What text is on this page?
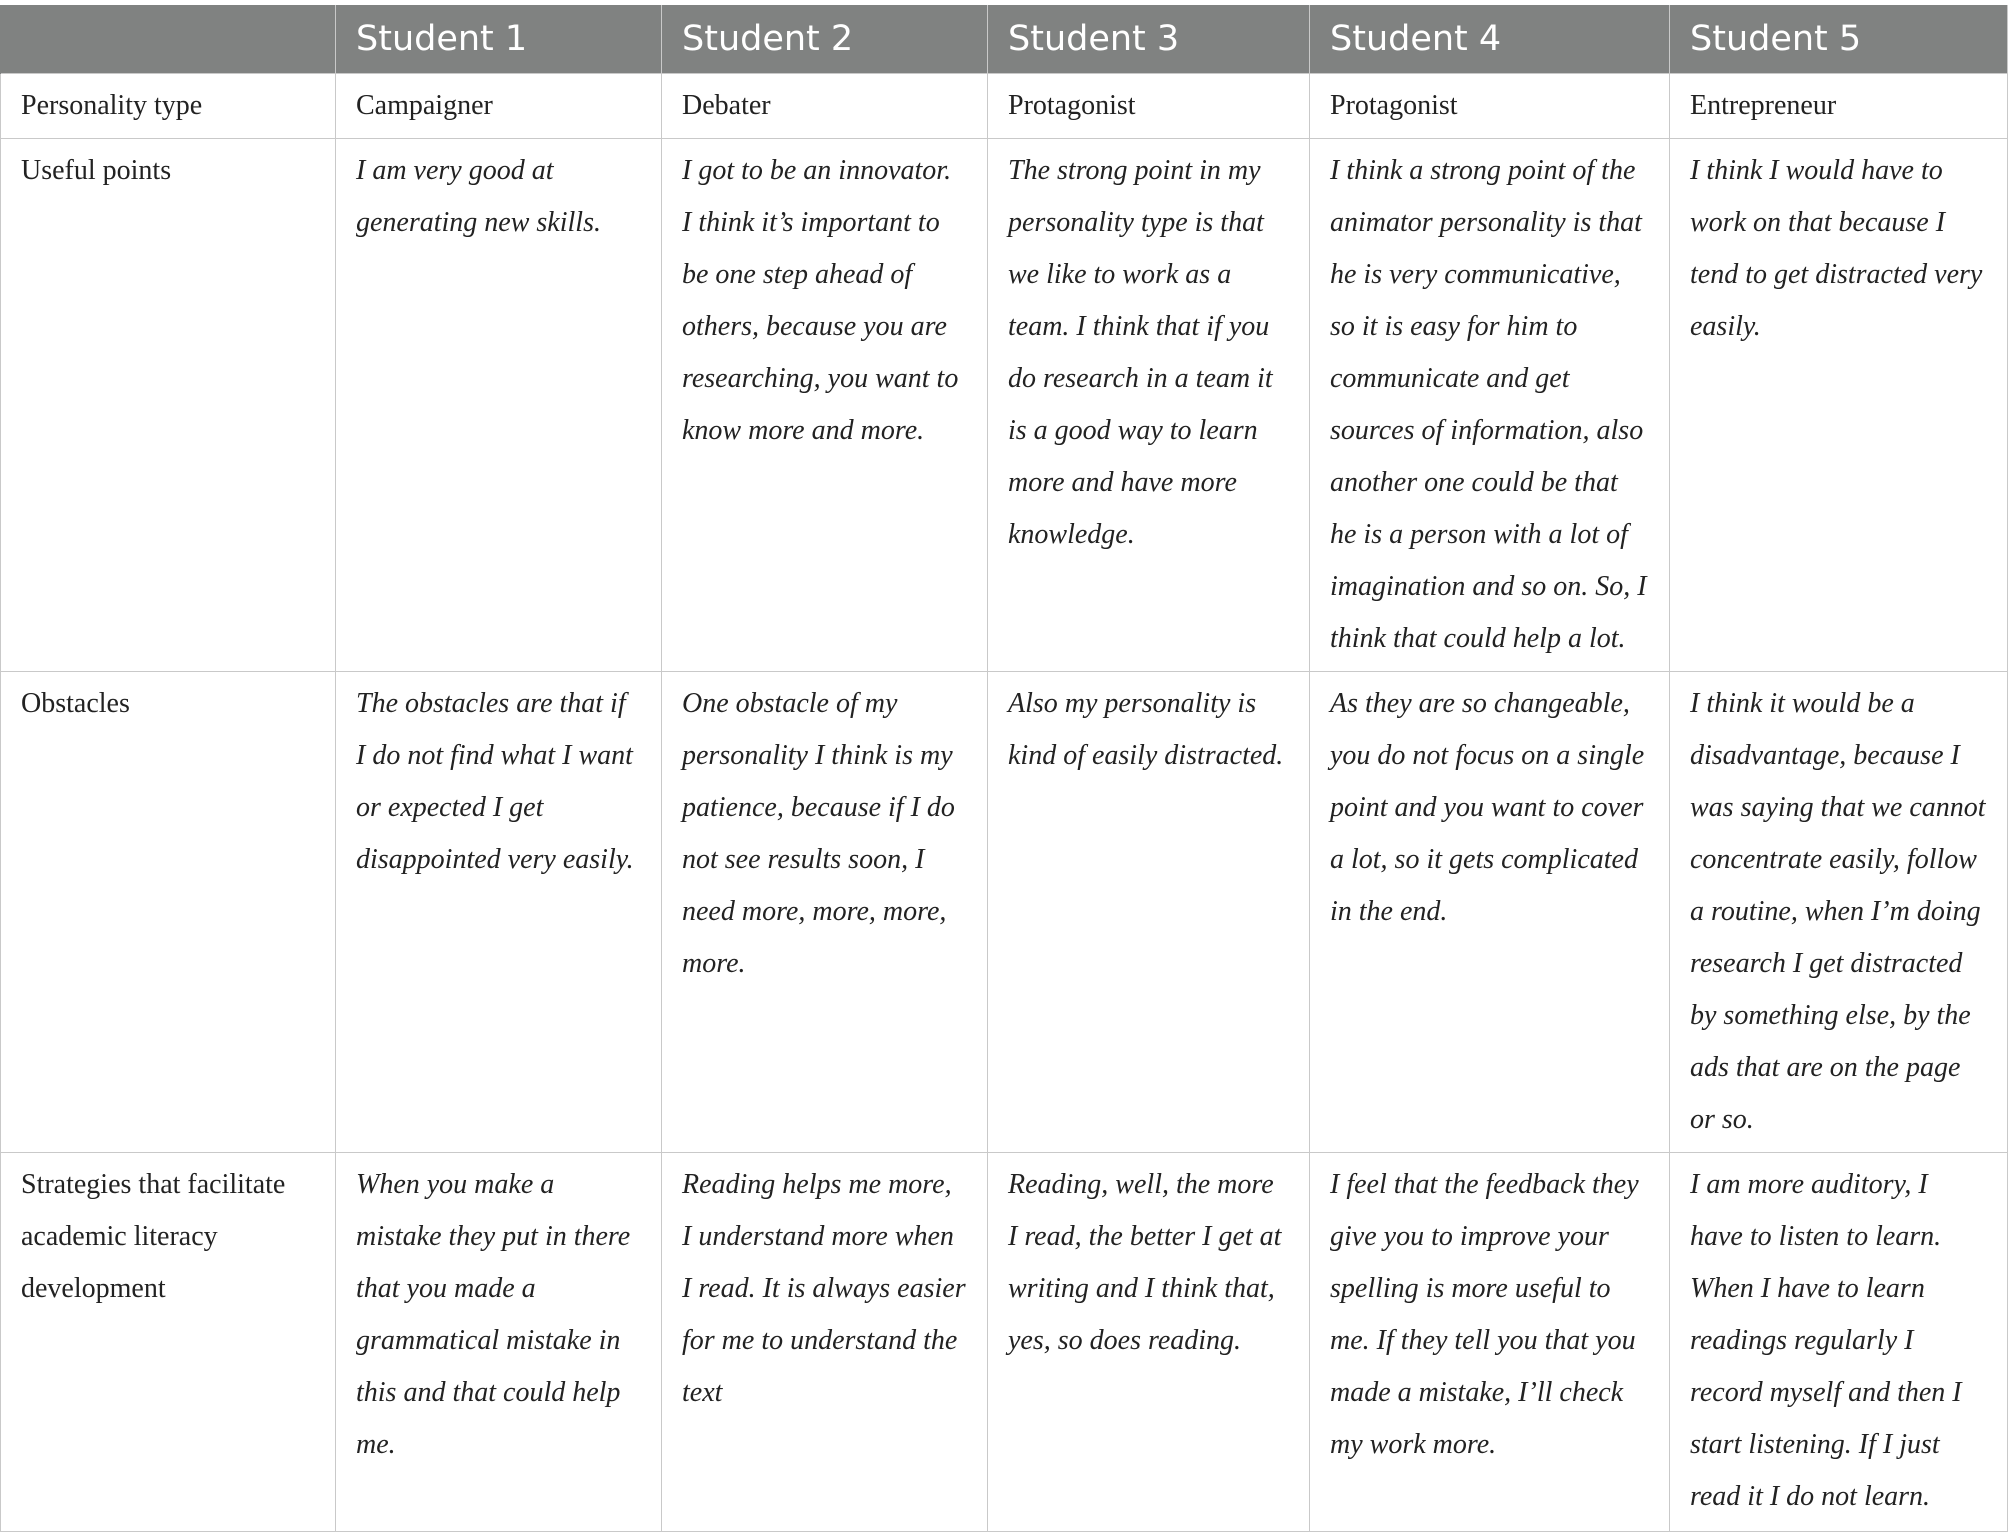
	Student 1	Student 2	Student 3	Student 4	Student 5
Personality type	Campaigner	Debater	Protagonist	Protagonist	Entrepreneur
Useful points	I am very good at generating new skills.	I got to be an innovator. I think it’s important to be one step ahead of others, because you are researching, you want to know more and more.	The strong point in my personality type is that we like to work as a team. I think that if you do research in a team it is a good way to learn more and have more knowledge.	I think a strong point of the animator personality is that he is very communicative, so it is easy for him to communicate and get sources of information, also another one could be that he is a person with a lot of imagination and so on. So, I think that could help a lot.	I think I would have to work on that because I tend to get distracted very easily.
Obstacles	The obstacles are that if I do not find what I want or expected I get disappointed very easily.	One obstacle of my personality I think is my patience, because if I do not see results soon, I need more, more, more, more.	Also my personality is kind of easily distracted.	As they are so changeable, you do not focus on a single point and you want to cover a lot, so it gets complicated in the end.	I think it would be a disadvantage, because I was saying that we cannot concentrate easily, follow a routine, when I’m doing research I get distracted by something else, by the ads that are on the page or so.
Strategies that facilitate academic literacy development	When you make a mistake they put in there that you made a grammatical mistake in this and that could help me.	Reading helps me more, I understand more when I read. It is always easier for me to understand the text	Reading, well, the more I read, the better I get at writing and I think that, yes, so does reading.	I feel that the feedback they give you to improve your spelling is more useful to me. If they tell you that you made a mistake, I’ll check my work more.	I am more auditory, I have to listen to learn. When I have to learn readings regularly I record myself and then I start listening. If I just read it I do not learn.
